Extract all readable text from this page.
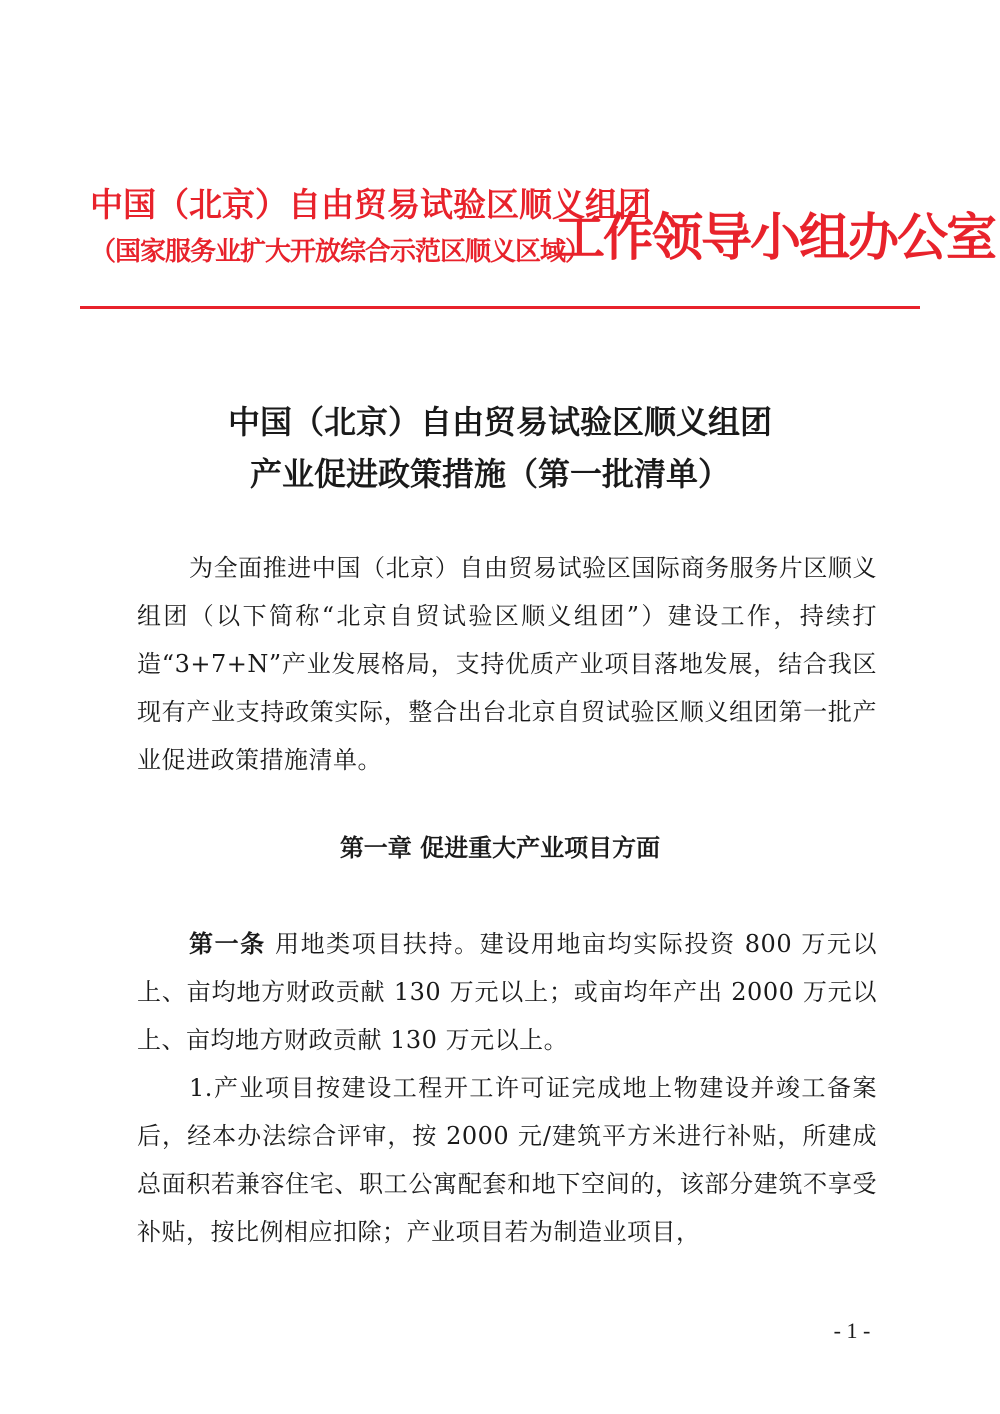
中国（北京）自由贸易试验区顺义组团
（国家服务业扩大开放综合示范区顺义区域）
工作领导小组办公室
中国（北京）自由贸易试验区顺义组团
产业促进政策措施（第一批清单）
为全面推进中国（北京）自由贸易试验区国际商务服务片区顺义组团（以下简称“北京自贸试验区顺义组团”）建设工作，持续打造“3+7+N”产业发展格局，支持优质产业项目落地发展，结合我区现有产业支持政策实际，整合出台北京自贸试验区顺义组团第一批产业促进政策措施清单。
第一章 促进重大产业项目方面
第一条 用地类项目扶持。建设用地亩均实际投资 800 万元以上、亩均地方财政贡献 130 万元以上；或亩均年产出 2000 万元以上、亩均地方财政贡献 130 万元以上。
1.产业项目按建设工程开工许可证完成地上物建设并竣工备案后，经本办法综合评审，按 2000 元/建筑平方米进行补贴，所建成总面积若兼容住宅、职工公寓配套和地下空间的，该部分建筑不享受补贴，按比例相应扣除；产业项目若为制造业项目，
- 1 -
